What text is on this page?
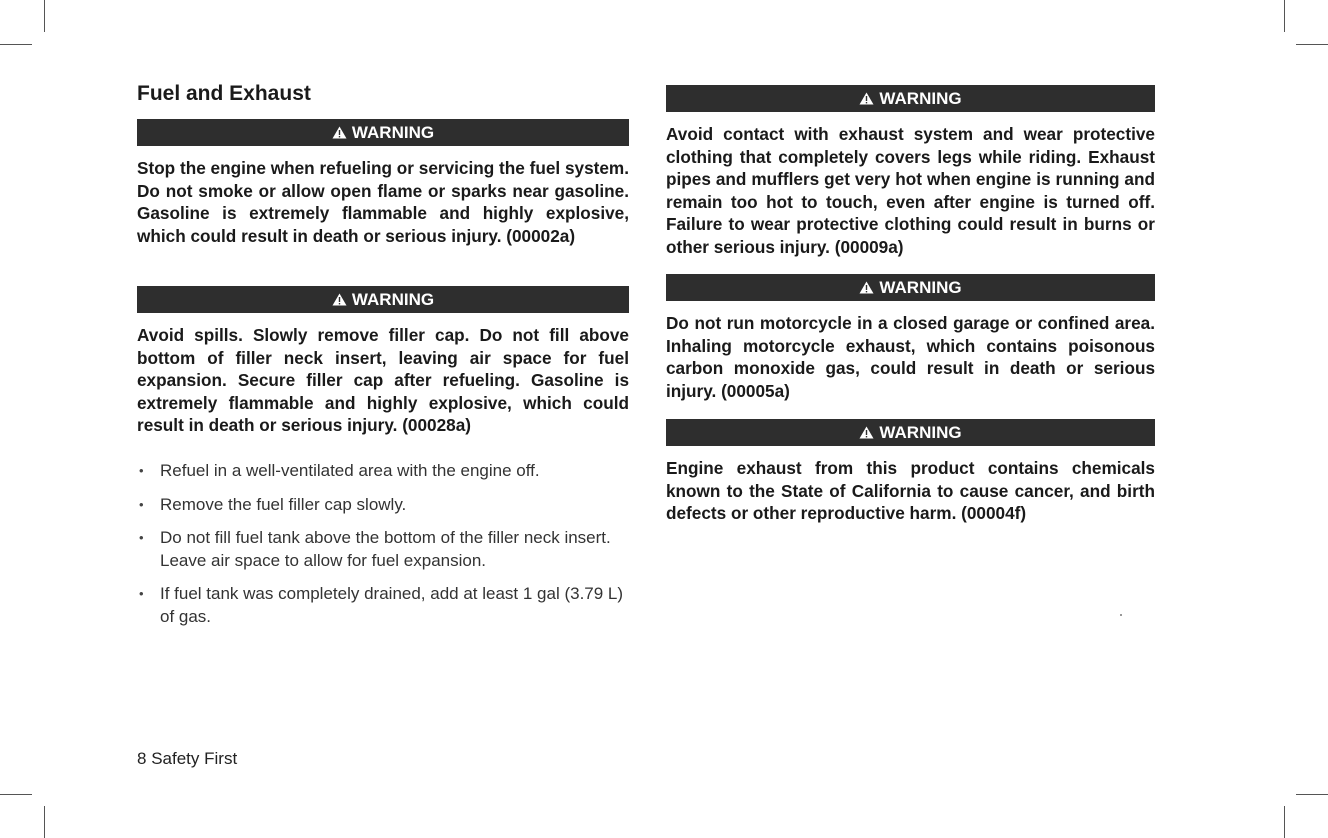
Fuel and Exhaust
WARNING

Stop the engine when refueling or servicing the fuel system. Do not smoke or allow open flame or sparks near gasoline. Gasoline is extremely flammable and highly explosive, which could result in death or serious injury. (00002a)

WARNING

Avoid spills. Slowly remove filler cap. Do not fill above bottom of filler neck insert, leaving air space for fuel expansion. Secure filler cap after refueling. Gasoline is extremely flammable and highly explosive, which could result in death or serious injury. (00028a)

• Refuel in a well-ventilated area with the engine off.
• Remove the fuel filler cap slowly.
• Do not fill fuel tank above the bottom of the filler neck insert. Leave air space to allow for fuel expansion.
• If fuel tank was completely drained, add at least 1 gal (3.79 L) of gas.
WARNING

Avoid contact with exhaust system and wear protective clothing that completely covers legs while riding. Exhaust pipes and mufflers get very hot when engine is running and remain too hot to touch, even after engine is turned off. Failure to wear protective clothing could result in burns or other serious injury. (00009a)

WARNING

Do not run motorcycle in a closed garage or confined area. Inhaling motorcycle exhaust, which contains poisonous carbon monoxide gas, could result in death or serious injury. (00005a)

WARNING

Engine exhaust from this product contains chemicals known to the State of California to cause cancer, and birth defects or other reproductive harm. (00004f)

8 Safety First
